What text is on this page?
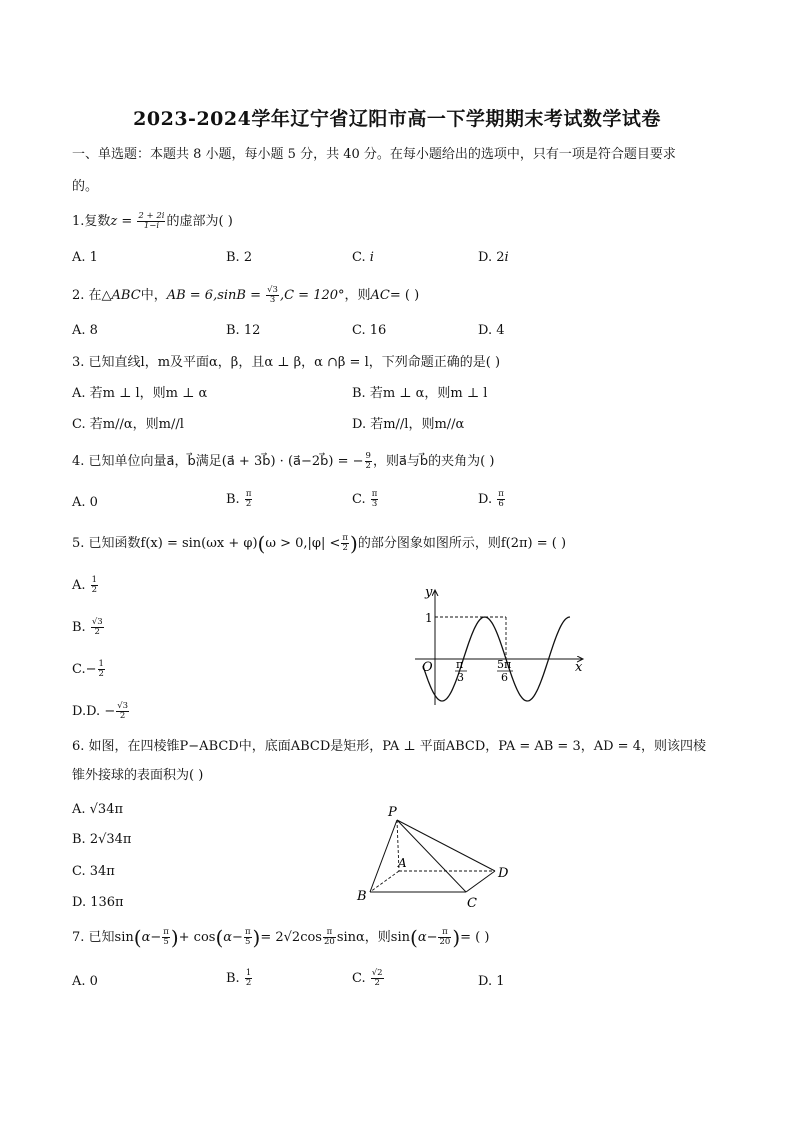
2023-2024学年辽宁省辽阳市高一下学期期末考试数学试卷
一、单选题：本题共 8 小题，每小题 5 分，共 40 分。在每小题给出的选项中，只有一项是符合题目要求
的。
1.复数$z = \frac{2 + 2i}{1-i}$ 的虚部为( )
A. 1	B. 2	C. i	D. 2i
2. 在△ABC中，AB = $6,\sin B = \frac{√3}{3} ,C = 120^\circ$，则AC= ( )
A. 8	B. 12	C. 16	D. 4
3. 已知直线l，m及平面α，β，且α ⊥ β，α ∩β = l，下列命题正确的是( )
A. 若m ⊥ l，则m ⊥ α	B. 若m ⊥ α，则m ⊥ l
C. 若m//α，则m//l	D. 若m//l，则m//α
4. 已知单位向量a⃗，b⃗满足(a⃗ + 3b⃗) · (a⃗−2b⃗) = − $\frac{9}{2}$ ，则a⃗与b⃗的夹角为( )
A. 0	B. $\frac{\pi}{2}$	C. $\frac{\pi}{3}$	D. $\frac{\pi}{6}$
5. 已知函数$f(x) = \sin(\omega x + \varphi)(\omega > 0,|\varphi| < \frac{\pi}{2}$ )的部分图象如图所示，则f(2π) = ( )
A. $\frac{1}{2}$
B. $\frac{√3}{2}$
$C.- \frac{1}{2}$
D.D. − $\frac{√3}{2}$
y
x
O
1
π
3
5π
6
6. 如图，在四棱锥P−ABCD中，底面ABCD是矩形，PA ⊥ 平面ABCD，PA = AB = 3，AD = 4，则该四棱
锥外接球的表面积为( )
A. √34π
B. 2√34π
C. 34π
D. 136π
P
A
B	C
D
7. 已知$\sin(\alpha- \frac{\pi}{5}$ )+ $\cos(\alpha- \frac{\pi}{5}$ )= $2√2\cos \frac{\pi}{20}$ sinα，则$\sin(\alpha- \frac{\pi}{20}$ )= ( )
A. 0	B. $\frac{1}{2}$	C. $\frac{√2}{2}$	D. 1
